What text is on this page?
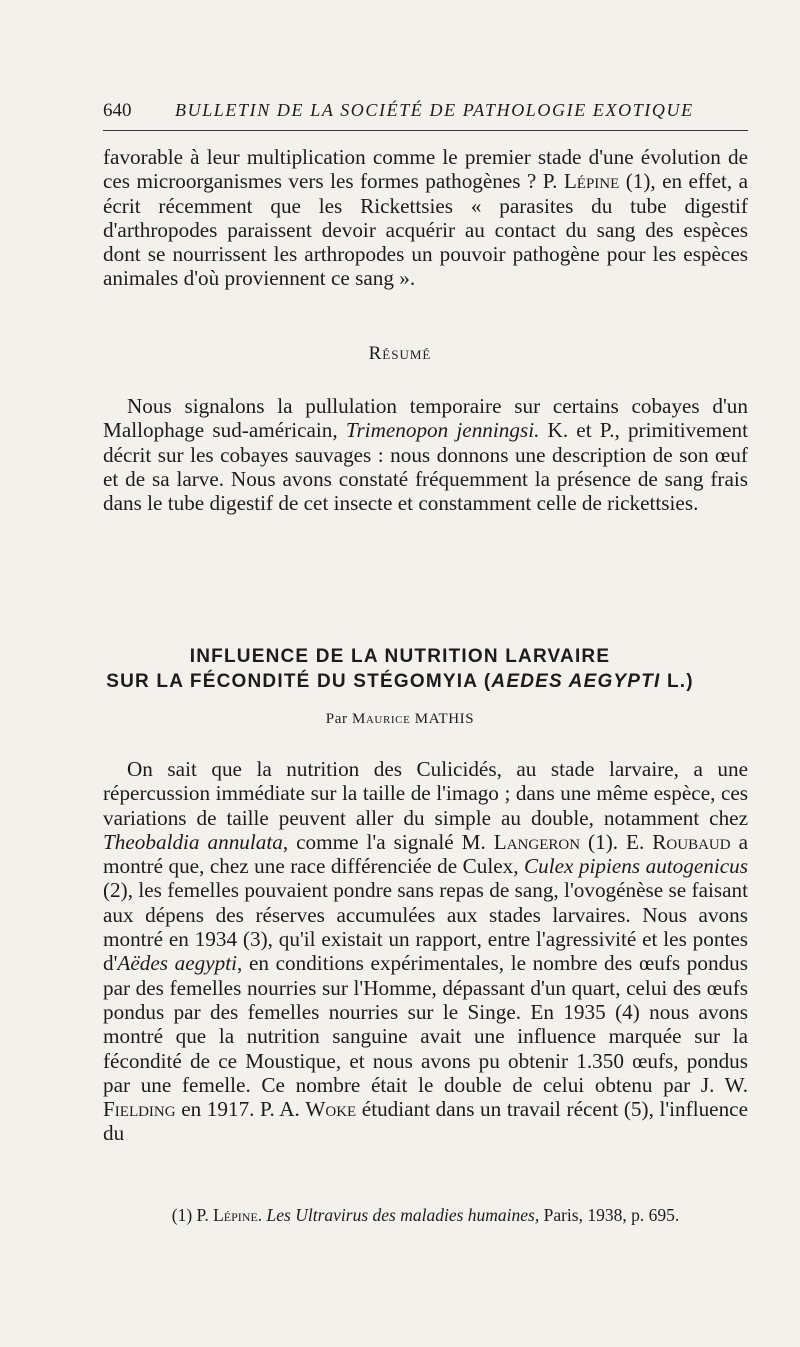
640 BULLETIN DE LA SOCIÉTÉ DE PATHOLOGIE EXOTIQUE

favorable à leur multiplication comme le premier stade d'une évolution de ces microorganismes vers les formes pathogènes ? P. Lépine (1), en effet, a écrit récemment que les Rickettsies « parasites du tube digestif d'arthropodes paraissent devoir acquérir au contact du sang des espèces dont se nourrissent les arthropodes un pouvoir pathogène pour les espèces animales d'où proviennent ce sang ».

Résumé

Nous signalons la pullulation temporaire sur certains cobayes d'un Mallophage sud-américain, Trimenopon jenningsi. K. et P., primitivement décrit sur les cobayes sauvages : nous donnons une description de son œuf et de sa larve. Nous avons constaté fréquemment la présence de sang frais dans le tube digestif de cet insecte et constamment celle de rickettsies.

INFLUENCE DE LA NUTRITION LARVAIRE
SUR LA FÉCONDITÉ DU STÉGOMYIA (AEDES AEGYPTI L.)
Par Maurice MATHIS

On sait que la nutrition des Culicidés, au stade larvaire, a une répercussion immédiate sur la taille de l'imago ; dans une même espèce, ces variations de taille peuvent aller du simple au double, notamment chez Theobaldia annulata, comme l'a signalé M. Langeron (1). E. Roubaud a montré que, chez une race différenciée de Culex, Culex pipiens autogenicus (2), les femelles pouvaient pondre sans repas de sang, l'ovogénèse se faisant aux dépens des réserves accumulées aux stades larvaires. Nous avons montré en 1934 (3), qu'il existait un rapport, entre l'agressivité et les pontes d'Aëdes aegypti, en conditions expérimentales, le nombre des œufs pondus par des femelles nourries sur l'Homme, dépassant d'un quart, celui des œufs pondus par des femelles nourries sur le Singe. En 1935 (4) nous avons montré que la nutrition sanguine avait une influence marquée sur la fécondité de ce Moustique, et nous avons pu obtenir 1.350 œufs, pondus par une femelle. Ce nombre était le double de celui obtenu par J. W. Fielding en 1917. P. A. Woke étudiant dans un travail récent (5), l'influence du

(1) P. Lépine. Les Ultravirus des maladies humaines, Paris, 1938, p. 695.
